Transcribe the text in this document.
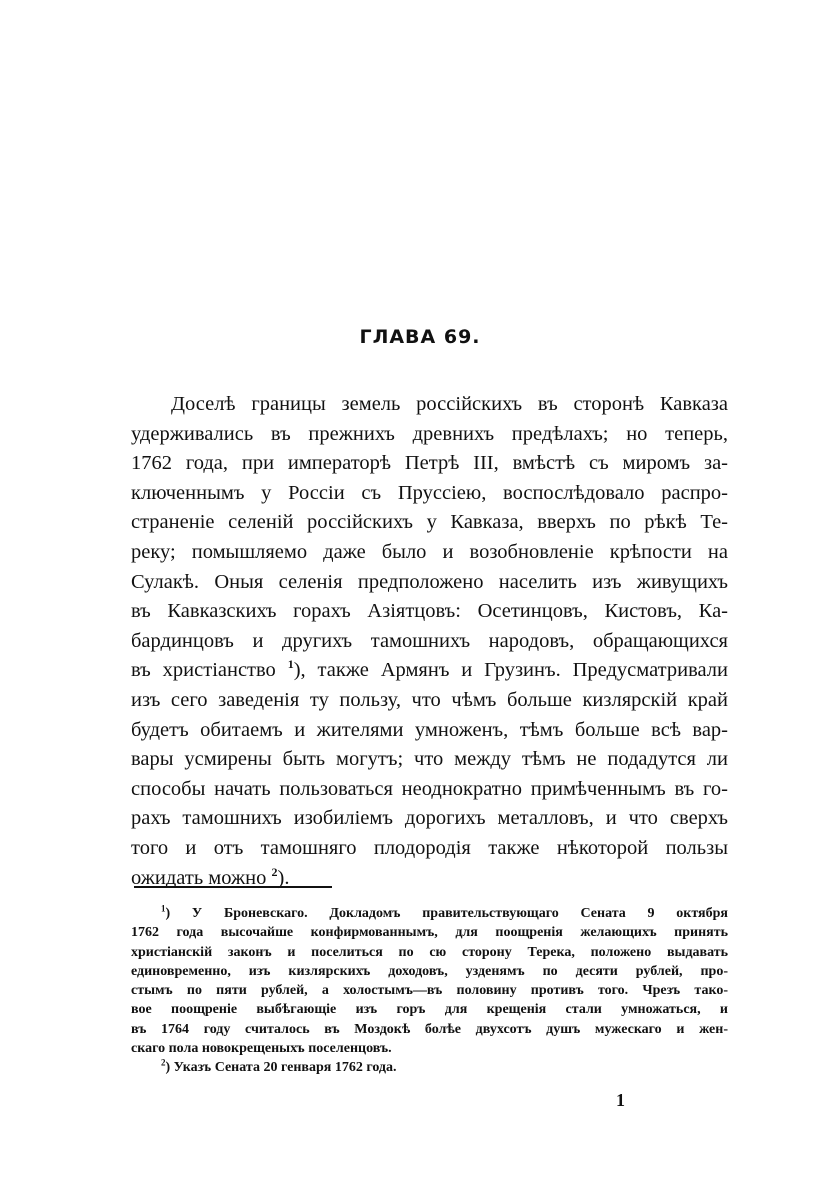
ГЛАВА 69.
Доселѣ границы земель россійскихъ въ сторонѣ Кавказа
удерживались въ прежнихъ древнихъ предѣлахъ; но теперь,
1762 года, при императорѣ Петрѣ III, вмѣстѣ съ миромъ за-
ключеннымъ у Россіи съ Пруссіею, воспослѣдовало распро-
страненіе селеній россійскихъ у Кавказа, вверхъ по рѣкѣ Те-
реку; помышляемо даже было и возобновленіе крѣпости на
Сулакѣ. Оныя селенія предположено населить изъ живущихъ
въ Кавказскихъ горахъ Азіятцовъ: Осетинцовъ, Кистовъ, Ка-
бардинцовъ и другихъ тамошнихъ народовъ, обращающихся
въ христіанство $^1$), также Армянъ и Грузинъ. Предусматривали
изъ сего заведенія ту пользу, что чѣмъ больше кизлярскій край
будетъ обитаемъ и жителями умноженъ, тѣмъ больше всѣ вар-
вары усмирены быть могутъ; что между тѣмъ не подадутся ли
способы начать пользоваться неоднократно примѣченнымъ въ го-
рахъ тамошнихъ изобиліемъ дорогихъ металловъ, и что сверхъ
того и отъ тамошняго плодородія также нѣкоторой пользы
ожидать можно $^2$).
$^1$) У Броневскаго. Докладомъ правительствующаго Сената 9 октября
1762 года высочайше конфирмованнымъ, для поощренія желающихъ принять
христіанскій законъ и поселиться по сю сторону Терека, положено выдавать
единовременно, изъ кизлярскихъ доходовъ, узденямъ по десяти рублей, про-
стымъ по пяти рублей, а холостымъ—въ половину противъ того. Чрезъ тако-
вое поощреніе выбѣгающіе изъ горъ для крещенія стали умножаться, и
въ 1764 году считалось въ Моздокѣ болѣе двухсотъ душъ мужескаго и жен-
скаго пола новокрещеныхъ поселенцовъ.
$^2$) Указъ Сената 20 генваря 1762 года.
1
